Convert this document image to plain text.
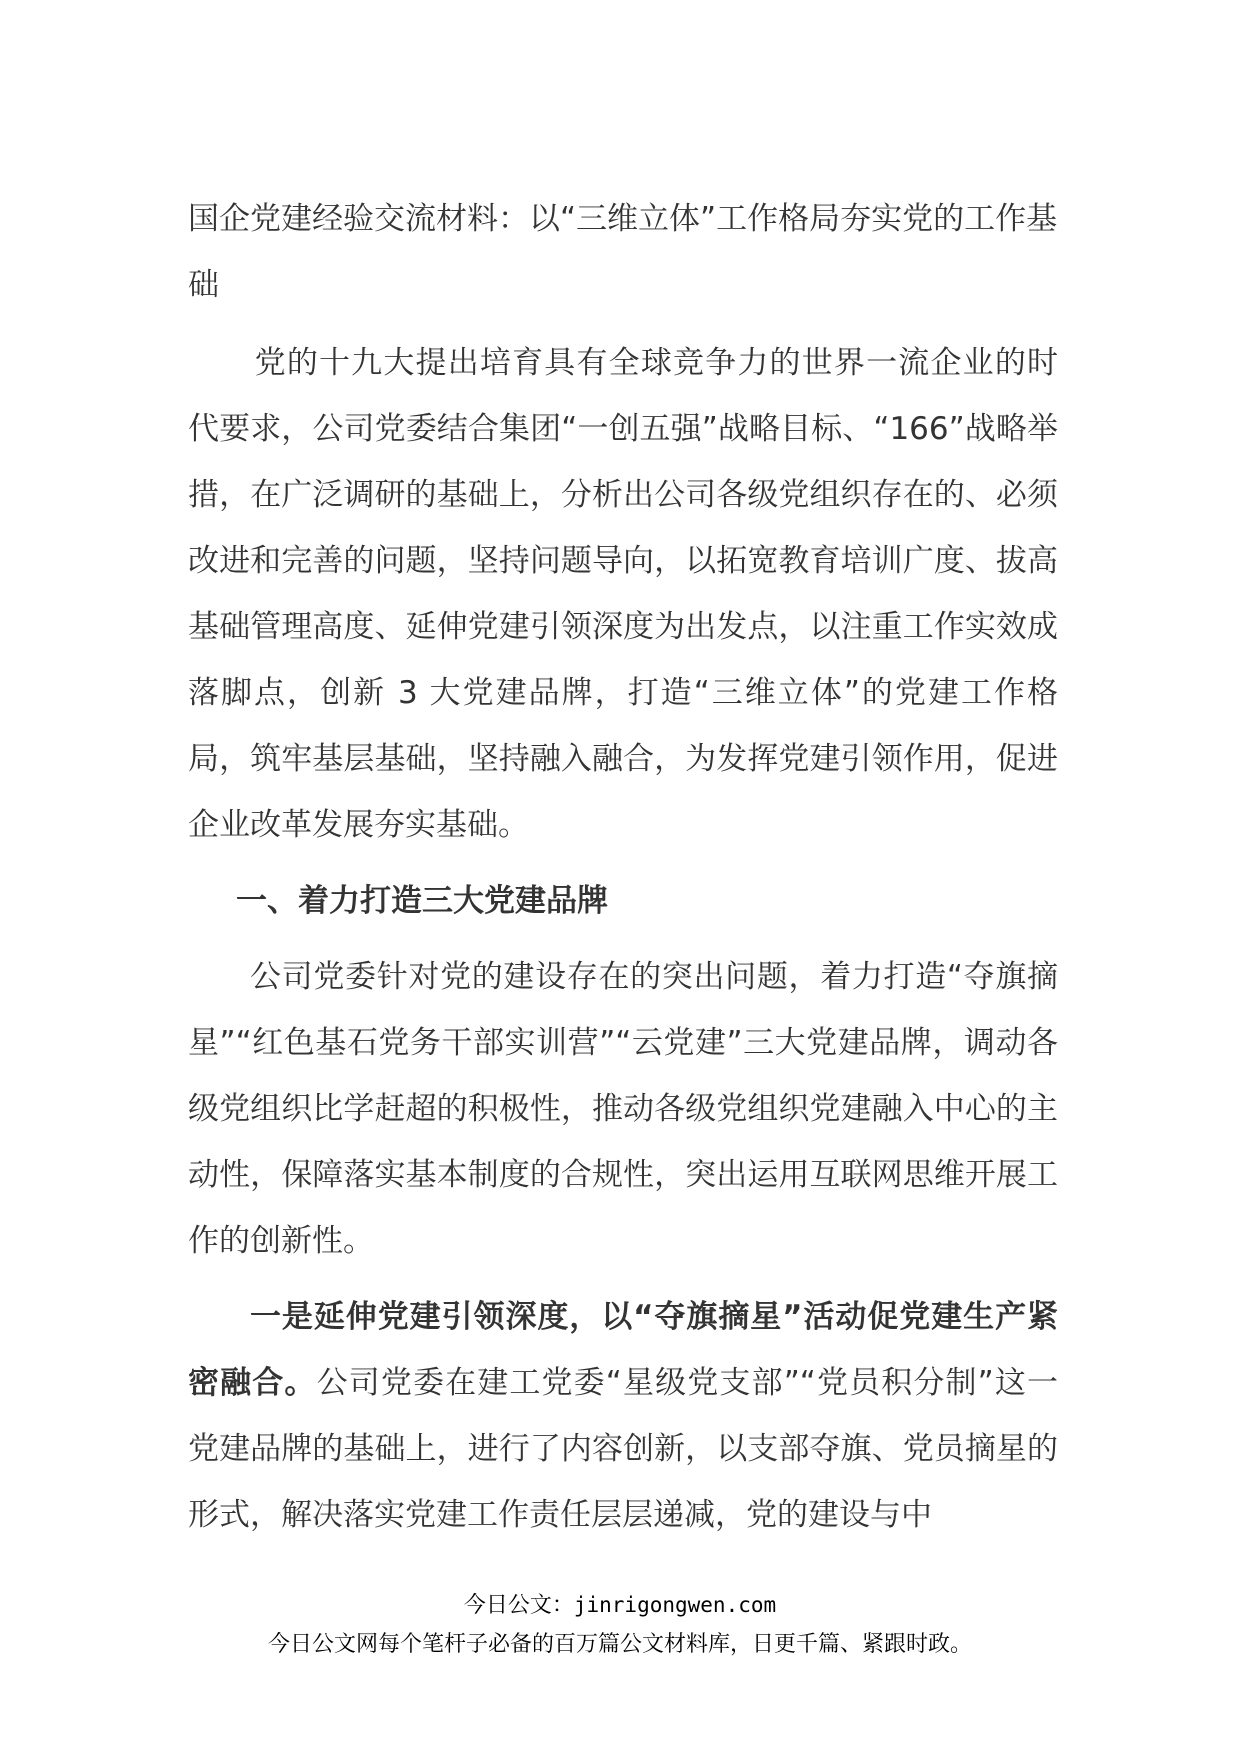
国企党建经验交流材料：以“三维立体”工作格局夯实党的工作基础

党的十九大提出培育具有全球竞争力的世界一流企业的时代要求，公司党委结合集团“一创五强”战略目标、“166”战略举措，在广泛调研的基础上，分析出公司各级党组织存在的、必须改进和完善的问题，坚持问题导向，以拓宽教育培训广度、拔高基础管理高度、延伸党建引领深度为出发点，以注重工作实效成落脚点，创新 3 大党建品牌，打造“三维立体”的党建工作格局，筑牢基层基础，坚持融入融合，为发挥党建引领作用，促进企业改革发展夯实基础。

一、着力打造三大党建品牌

公司党委针对党的建设存在的突出问题，着力打造“夺旗摘星”“红色基石党务干部实训营”“云党建”三大党建品牌，调动各级党组织比学赶超的积极性，推动各级党组织党建融入中心的主动性，保障落实基本制度的合规性，突出运用互联网思维开展工作的创新性。

一是延伸党建引领深度，以“夺旗摘星”活动促党建生产紧密融合。公司党委在建工党委“星级党支部”“党员积分制”这一党建品牌的基础上，进行了内容创新，以支部夺旗、党员摘星的形式，解决落实党建工作责任层层递减，党的建设与中

今日公文：jinrigongwen.com
今日公文网每个笔杆子必备的百万篇公文材料库，日更千篇、紧跟时政。
